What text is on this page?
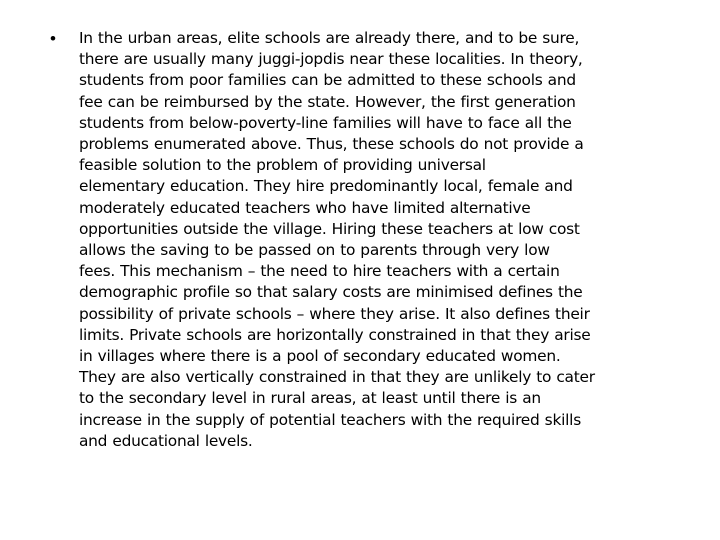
• In the urban areas, elite schools are already there, and to be sure,
there are usually many juggi-jopdis near these localities. In theory,
students from poor families can be admitted to these schools and
fee can be reimbursed by the state. However, the first generation
students from below-poverty-line families will have to face all the
problems enumerated above. Thus, these schools do not provide a
feasible solution to the problem of providing universal
elementary education. They hire predominantly local, female and
moderately educated teachers who have limited alternative
opportunities outside the village. Hiring these teachers at low cost
allows the saving to be passed on to parents through very low
fees. This mechanism – the need to hire teachers with a certain
demographic profile so that salary costs are minimised defines the
possibility of private schools – where they arise. It also defines their
limits. Private schools are horizontally constrained in that they arise
in villages where there is a pool of secondary educated women.
They are also vertically constrained in that they are unlikely to cater
to the secondary level in rural areas, at least until there is an
increase in the supply of potential teachers with the required skills
and educational levels.
